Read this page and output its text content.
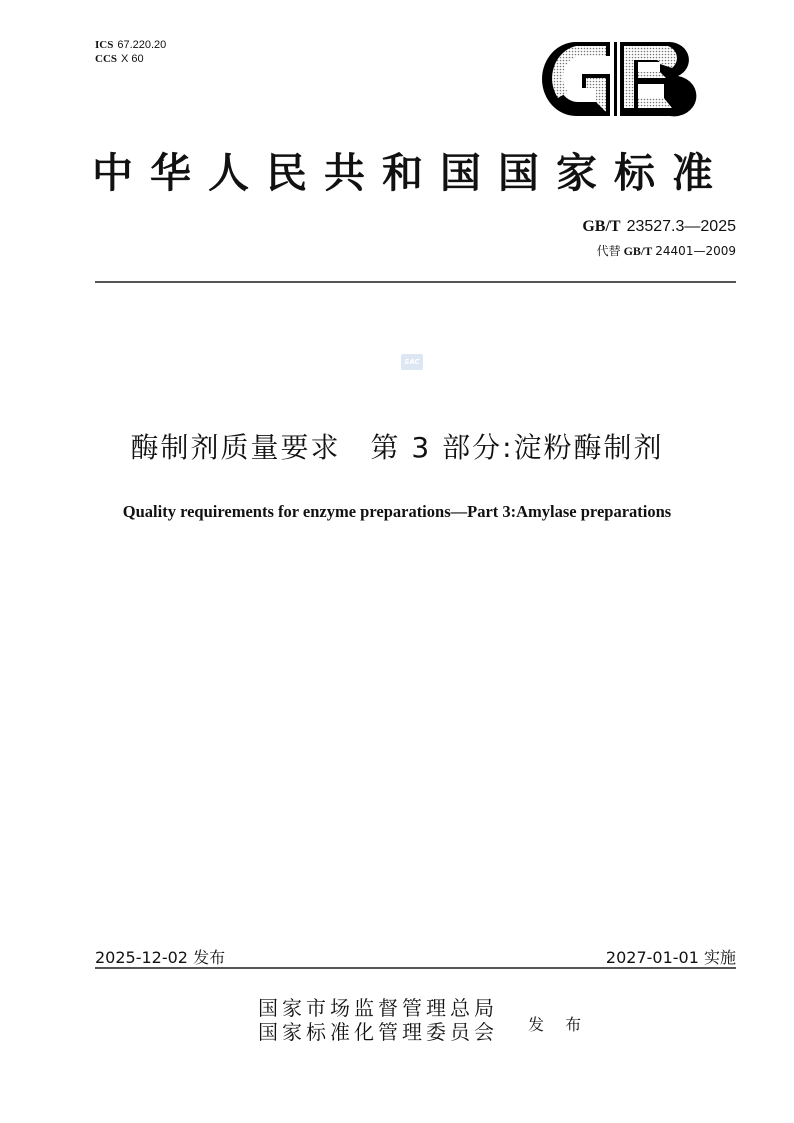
ICS 67.220.20
CCS X 60
中华人民共和国国家标准
GB/T 23527.3—2025
代替 GB/T 24401—2009
SAC
酶制剂质量要求 第 3 部分:淀粉酶制剂
Quality requirements for enzyme preparations—Part 3:Amylase preparations
2025-12-02 发布	2027-01-01 实施
国家市场监督管理总局
国家标准化管理委员会 发 布
